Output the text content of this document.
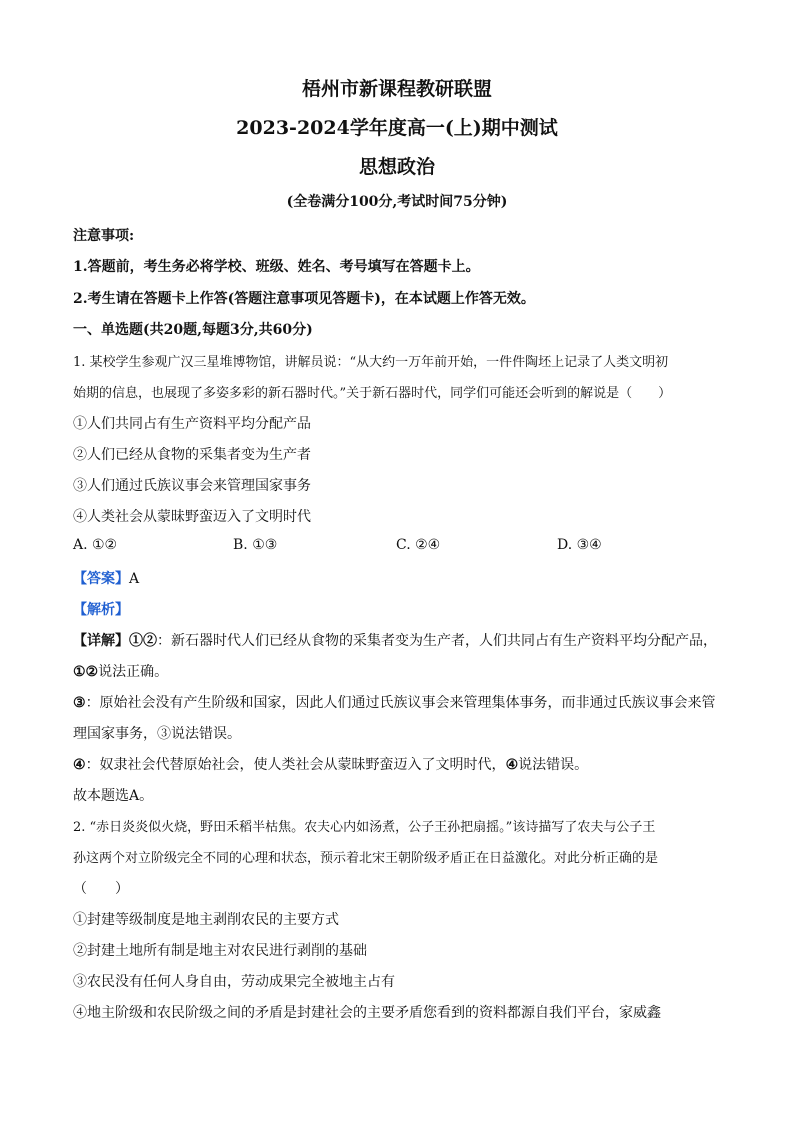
梧州市新课程教研联盟
2023-2024学年度高一(上)期中测试
思想政治
(全卷满分100分,考试时间75分钟)
注意事项:
1.答题前，考生务必将学校、班级、姓名、考号填写在答题卡上。
2.考生请在答题卡上作答(答题注意事项见答题卡)，在本试题上作答无效。
一、单选题(共20题,每题3分,共60分)
1. 某校学生参观广汉三星堆博物馆，讲解员说：“从大约一万年前开始，一件件陶坯上记录了人类文明初
始期的信息，也展现了多姿多彩的新石器时代。”关于新石器时代，同学们可能还会听到的解说是（　　）
①人们共同占有生产资料平均分配产品
②人们已经从食物的采集者变为生产者
③人们通过氏族议事会来管理国家事务
④人类社会从蒙昧野蛮迈入了文明时代
A. ①②	B. ①③	C. ②④	D. ③④
【答案】A
【解析】
【详解】①②：新石器时代人们已经从食物的采集者变为生产者，人们共同占有生产资料平均分配产品，
①②说法正确。
③：原始社会没有产生阶级和国家，因此人们通过氏族议事会来管理集体事务，而非通过氏族议事会来管
理国家事务，③说法错误。
④：奴隶社会代替原始社会，使人类社会从蒙昧野蛮迈入了文明时代，④说法错误。
故本题选A。
2. “赤日炎炎似火烧，野田禾稻半枯焦。农夫心内如汤煮，公子王孙把扇摇。”该诗描写了农夫与公子王
孙这两个对立阶级完全不同的心理和状态，预示着北宋王朝阶级矛盾正在日益激化。对此分析正确的是
（　　）
①封建等级制度是地主剥削农民的主要方式
②封建土地所有制是地主对农民进行剥削的基础
③农民没有任何人身自由，劳动成果完全被地主占有
④地主阶级和农民阶级之间的矛盾是封建社会的主要矛盾您看到的资料都源自我们平台，家威鑫
